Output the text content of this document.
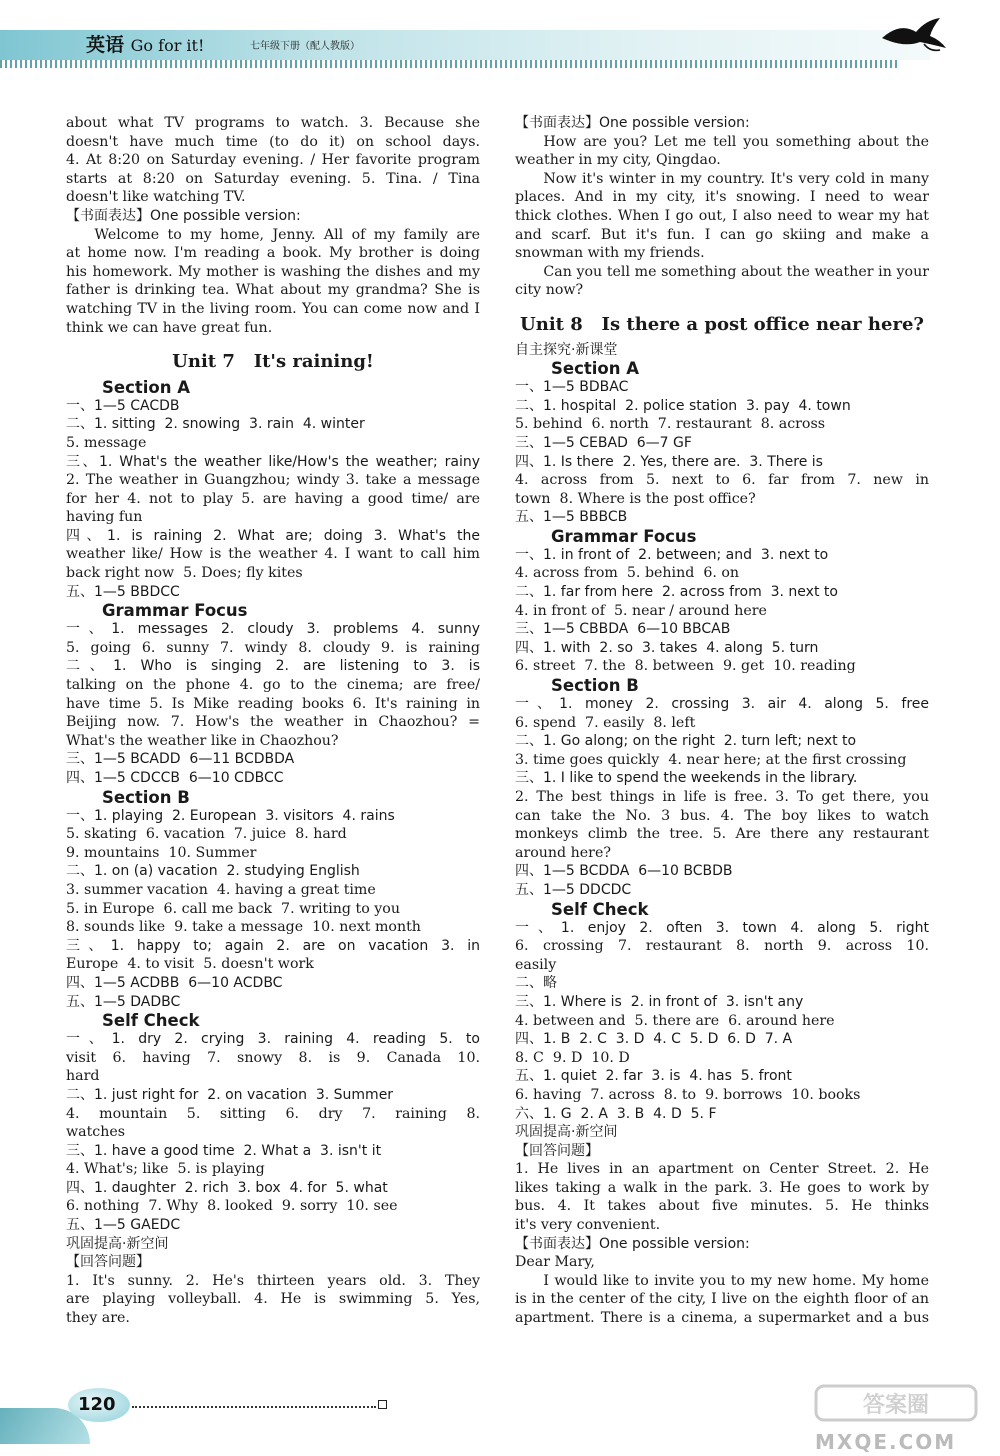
英语 Go for it!	七年级下册（配人教版）
about what TV programs to watch. 3. Because she
doesn't have much time (to do it) on school days.
4. At 8:20 on Saturday evening. / Her favorite program
starts at 8:20 on Saturday evening. 5. Tina. / Tina
doesn't like watching TV.
【书面表达】One possible version:
Welcome to my home, Jenny. All of my family are
at home now. I'm reading a book. My brother is doing
his homework. My mother is washing the dishes and my
father is drinking tea. What about my grandma? She is
watching TV in the living room. You can come now and I
think we can have great fun.
Unit 7   It's raining!
Section A
一、1—5 CACDB
二、1. sitting  2. snowing  3. rain  4. winter
5. message
三、1. What's the weather like/How's the weather; rainy
2. The weather in Guangzhou; windy 3. take a message
for her 4. not to play 5. are having a good time/ are
having fun
四、1. is raining 2. What are; doing 3. What's the
weather like/ How is the weather 4. I want to call him
back right now  5. Does; fly kites
五、1—5 BBDCC
Grammar Focus
一、1. messages 2. cloudy 3. problems 4. sunny
5. going 6. sunny 7. windy 8. cloudy 9. is raining
二、1. Who is singing 2. are listening to 3. is
talking on the phone 4. go to the cinema; are free/
have time 5. Is Mike reading books 6. It's raining in
Beijing now. 7. How's the weather in Chaozhou? =
What's the weather like in Chaozhou?
三、1—5 BCADD  6—11 BCDBDA
四、1—5 CDCCB  6—10 CDBCC
Section B
一、1. playing  2. European  3. visitors  4. rains
5. skating  6. vacation  7. juice  8. hard
9. mountains  10. Summer
二、1. on (a) vacation  2. studying English
3. summer vacation  4. having a great time
5. in Europe  6. call me back  7. writing to you
8. sounds like  9. take a message  10. next month
三、1. happy to; again 2. are on vacation 3. in
Europe  4. to visit  5. doesn't work
四、1—5 ACDBB  6—10 ACDBC
五、1—5 DADBC
Self Check
一、1. dry 2. crying 3. raining 4. reading 5. to
visit 6. having 7. snowy 8. is 9. Canada 10.
hard
二、1. just right for  2. on vacation  3. Summer
4. mountain 5. sitting 6. dry 7. raining 8.
watches
三、1. have a good time  2. What a  3. isn't it
4. What's; like  5. is playing
四、1. daughter  2. rich  3. box  4. for  5. what
6. nothing  7. Why  8. looked  9. sorry  10. see
五、1—5 GAEDC
巩固提高·新空间
【回答问题】
1. It's sunny. 2. He's thirteen years old. 3. They
are playing volleyball. 4. He is swimming 5. Yes,
they are.
【书面表达】One possible version:
How are you? Let me tell you something about the
weather in my city, Qingdao.
Now it's winter in my country. It's very cold in many
places. And in my city, it's snowing. I need to wear
thick clothes. When I go out, I also need to wear my hat
and scarf. But it's fun. I can go skiing and make a
snowman with my friends.
Can you tell me something about the weather in your
city now?
Unit 8   Is there a post office near here?
自主探究·新课堂
Section A
一、1—5 BDBAC
二、1. hospital  2. police station  3. pay  4. town
5. behind  6. north  7. restaurant  8. across
三、1—5 CEBAD  6—7 GF
四、1. Is there  2. Yes, there are.  3. There is
4. across from 5. next to 6. far from 7. new in
town  8. Where is the post office?
五、1—5 BBBCB
Grammar Focus
一、1. in front of  2. between; and  3. next to
4. across from  5. behind  6. on
二、1. far from here  2. across from  3. next to
4. in front of  5. near / around here
三、1—5 CBBDA  6—10 BBCAB
四、1. with  2. so  3. takes  4. along  5. turn
6. street  7. the  8. between  9. get  10. reading
Section B
一、1. money 2. crossing 3. air 4. along 5. free
6. spend  7. easily  8. left
二、1. Go along; on the right  2. turn left; next to
3. time goes quickly  4. near here; at the first crossing
三、1. I like to spend the weekends in the library.
2. The best things in life is free. 3. To get there, you
can take the No. 3 bus. 4. The boy likes to watch
monkeys climb the tree. 5. Are there any restaurant
around here?
四、1—5 BCDDA  6—10 BCBDB
五、1—5 DDCDC
Self Check
一、1. enjoy 2. often 3. town 4. along 5. right
6. crossing 7. restaurant 8. north 9. across 10.
easily
二、略
三、1. Where is  2. in front of  3. isn't any
4. between and  5. there are  6. around here
四、1. B  2. C  3. D  4. C  5. D  6. D  7. A
8. C  9. D  10. D
五、1. quiet  2. far  3. is  4. has  5. front
6. having  7. across  8. to  9. borrows  10. books
六、1. G  2. A  3. B  4. D  5. F
巩固提高·新空间
【回答问题】
1. He lives in an apartment on Center Street. 2. He
likes taking a walk in the park. 3. He goes to work by
bus. 4. It takes about five minutes. 5. He thinks
it's very convenient.
【书面表达】One possible version:
Dear Mary,
I would like to invite you to my new home. My home
is in the center of the city, I live on the eighth floor of an
apartment. There is a cinema, a supermarket and a bus
120	答案圈
MXQE.COM
